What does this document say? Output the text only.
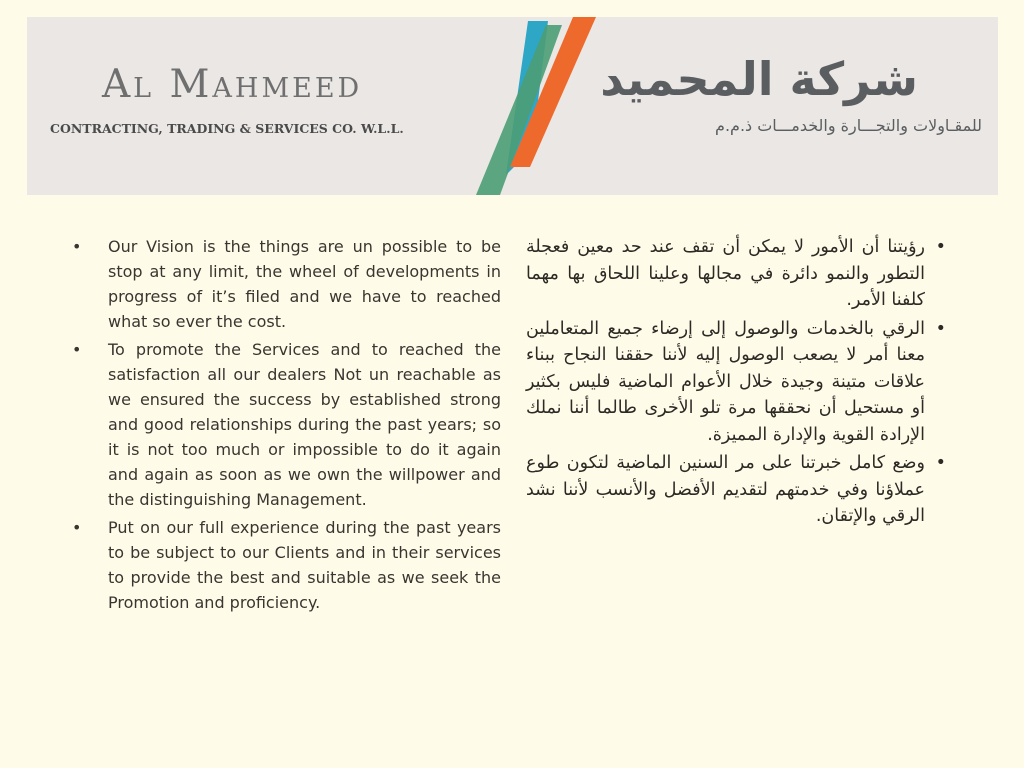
Al Mahmeed
CONTRACTING, TRADING & SERVICES CO. W.L.L.
شركة المحميد
للمقـاولات والتجـــارة والخدمـــات ذ.م.م
• Our Vision is the things are un possible to be stop at any limit, the wheel of developments in progress of it’s filed and we have to reached what so ever the cost.
• To promote the Services and to reached the satisfaction all our dealers Not un reachable as we ensured the success by established strong and good relationships during the past years; so it is not too much or impossible to do it again and again as soon as we own the willpower and the distinguishing Management.
• Put on our full experience during the past years to be subject to our Clients and in their services to provide the best and suitable as we seek the Promotion and proficiency.
•
رؤيتنا أن الأمور لا يمكن أن تقف عند حد معين فعجلة التطور والنمو دائرة في مجالها وعلينا اللحاق بها مهما كلفنا الأمر.
•
الرقي بالخدمات والوصول إلى إرضاء جميع المتعاملين معنا أمر لا يصعب الوصول إليه لأننا حققنا النجاح ببناء علاقات متينة وجيدة خلال الأعوام الماضية فليس بكثير أو مستحيل أن نحققها مرة تلو الأخرى طالما أننا نملك الإرادة القوية والإدارة المميزة.
•
وضع كامل خبرتنا على مر السنين الماضية لتكون طوع عملاؤنا وفي خدمتهم لتقديم الأفضل والأنسب لأننا نشد الرقي والإتقان.
